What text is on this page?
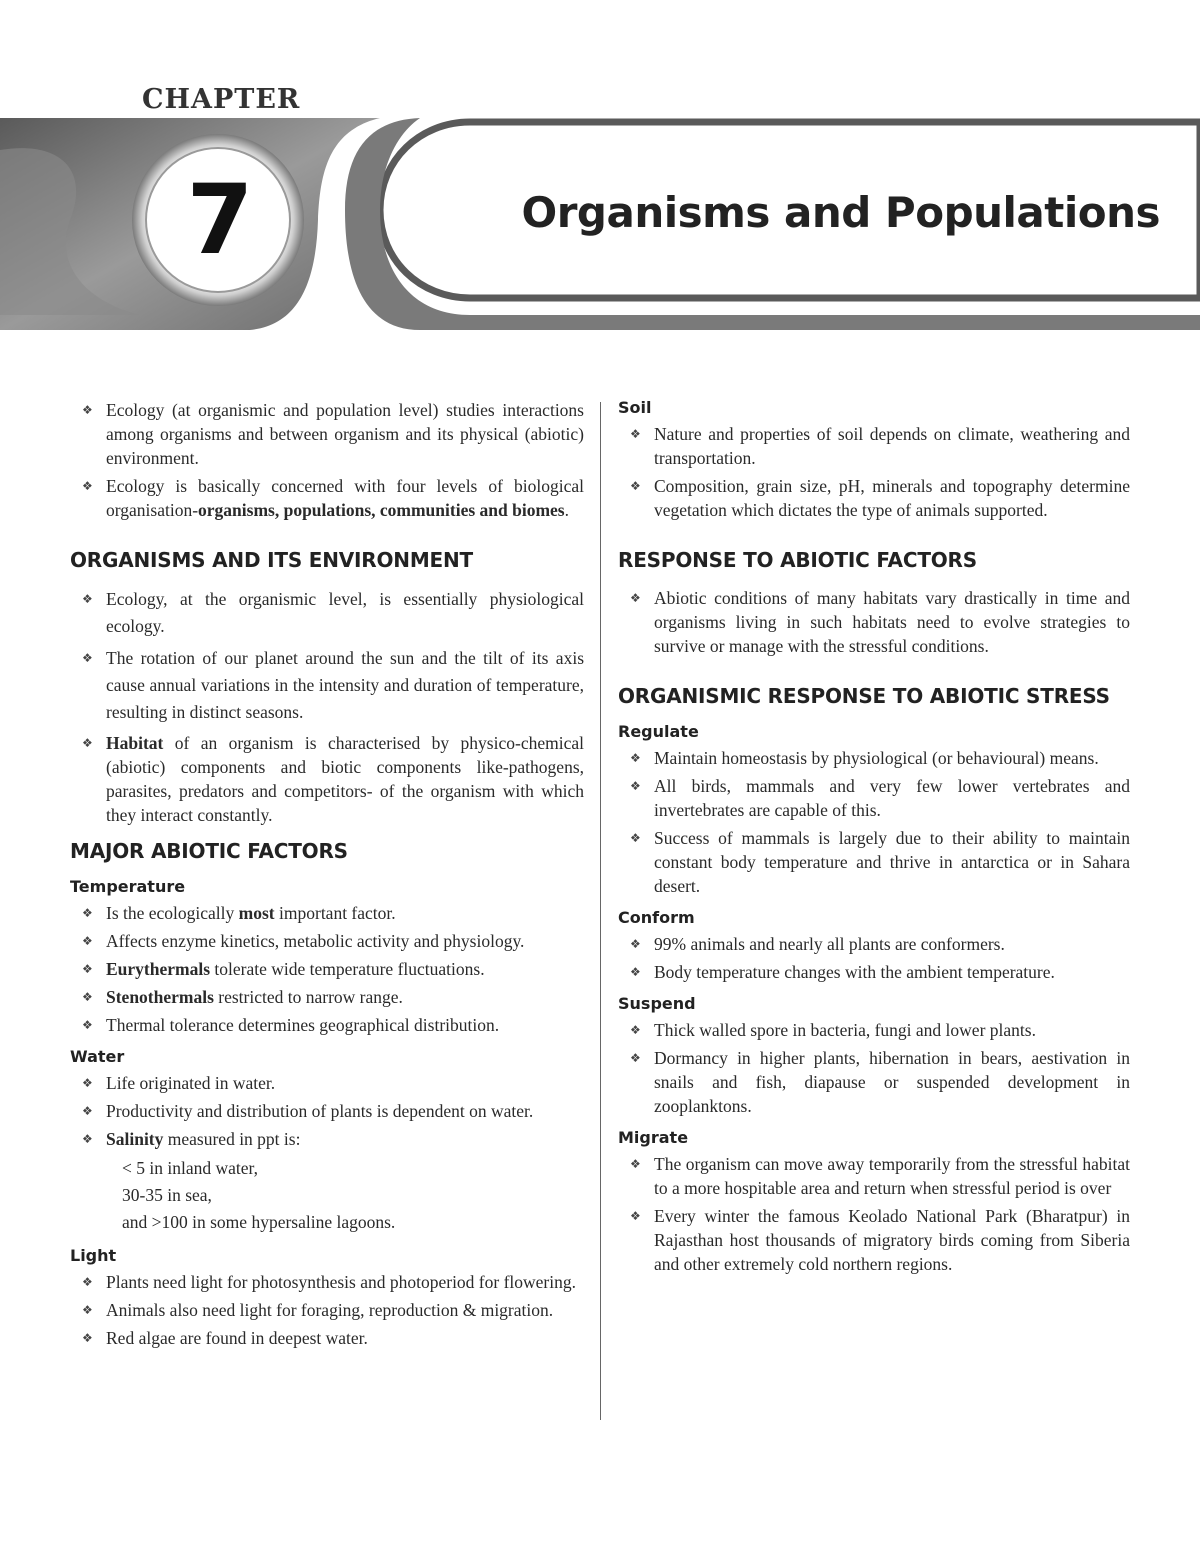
CHAPTER
7	Organisms and Populations
❖ Ecology (at organismic and population level) studies interactions among organisms and between organism and its physical (abiotic) environment.
❖ Ecology is basically concerned with four levels of biological organisation-organisms, populations, communities and biomes.
ORGANISMS AND ITS ENVIRONMENT
❖ Ecology, at the organismic level, is essentially physiological ecology.
❖ The rotation of our planet around the sun and the tilt of its axis cause annual variations in the intensity and duration of temperature, resulting in distinct seasons.
❖ Habitat of an organism is characterised by physico-chemical (abiotic) components and biotic components like-pathogens, parasites, predators and competitors- of the organism with which they interact constantly.
MAJOR ABIOTIC FACTORS
Temperature
❖ Is the ecologically most important factor.
❖ Affects enzyme kinetics, metabolic activity and physiology.
❖ Eurythermals tolerate wide temperature fluctuations.
❖ Stenothermals restricted to narrow range.
❖ Thermal tolerance determines geographical distribution.
Water
❖ Life originated in water.
❖ Productivity and distribution of plants is dependent on water.
❖ Salinity measured in ppt is:
< 5 in inland water,
30-35 in sea,
and >100 in some hypersaline lagoons.
Light
❖ Plants need light for photosynthesis and photoperiod for flowering.
❖ Animals also need light for foraging, reproduction & migration.
❖ Red algae are found in deepest water.
Soil
❖ Nature and properties of soil depends on climate, weathering and transportation.
❖ Composition, grain size, pH, minerals and topography determine vegetation which dictates the type of animals supported.
RESPONSE TO ABIOTIC FACTORS
❖ Abiotic conditions of many habitats vary drastically in time and organisms living in such habitats need to evolve strategies to survive or manage with the stressful conditions.
ORGANISMIC RESPONSE TO ABIOTIC STRESS
Regulate
❖ Maintain homeostasis by physiological (or behavioural) means.
❖ All birds, mammals and very few lower vertebrates and invertebrates are capable of this.
❖ Success of mammals is largely due to their ability to maintain constant body temperature and thrive in antarctica or in Sahara desert.
Conform
❖ 99% animals and nearly all plants are conformers.
❖ Body temperature changes with the ambient temperature.
Suspend
❖ Thick walled spore in bacteria, fungi and lower plants.
❖ Dormancy in higher plants, hibernation in bears, aestivation in snails and fish, diapause or suspended development in zooplanktons.
Migrate
❖ The organism can move away temporarily from the stressful habitat to a more hospitable area and return when stressful period is over
❖ Every winter the famous Keolado National Park (Bharatpur) in Rajasthan host thousands of migratory birds coming from Siberia and other extremely cold northern regions.
